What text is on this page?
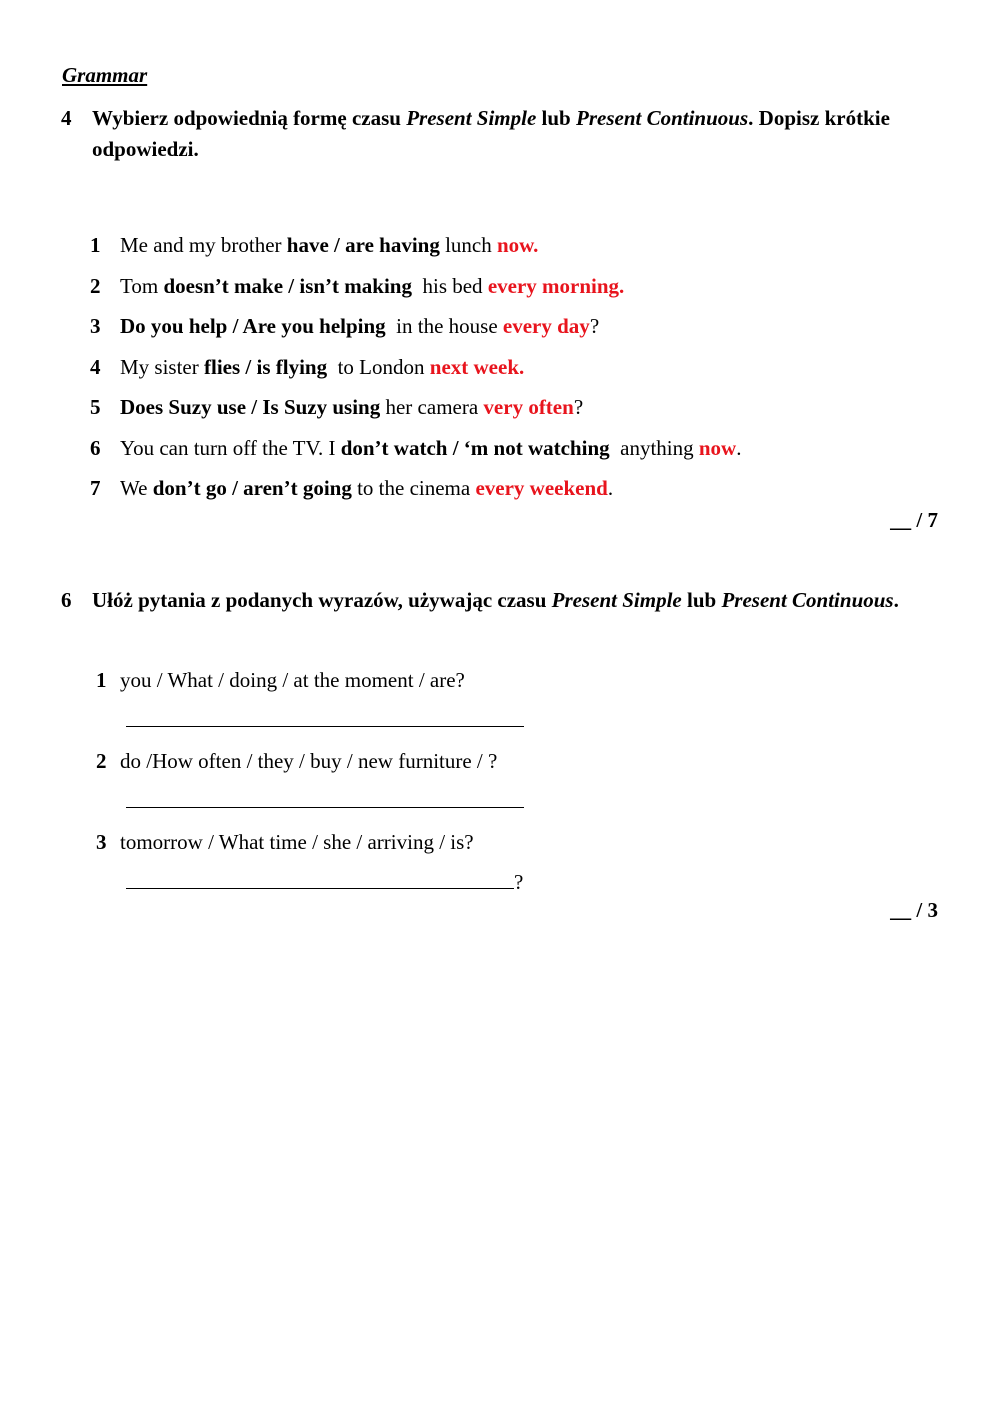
Grammar
4 Wybierz odpowiednią formę czasu Present Simple lub Present Continuous. Dopisz krótkie odpowiedzi.
1 Me and my brother have / are having lunch now.
2 Tom doesn’t make / isn’t making  his bed every morning.
3 Do you help / Are you helping  in the house every day?
4 My sister flies / is flying  to London next week.
5 Does Suzy use / Is Suzy using her camera very often?
6 You can turn off the TV. I don’t watch / ‘m not watching  anything now.
7 We don’t go / aren’t going to the cinema every weekend.
__ / 7
6 Ułóż pytania z podanych wyrazów, używając czasu Present Simple lub Present Continuous.
1 you / What / doing / at the moment / are?
2 do /How often / they / buy / new furniture / ?
3 tomorrow / What time / she / arriving / is?
?
__ / 3
